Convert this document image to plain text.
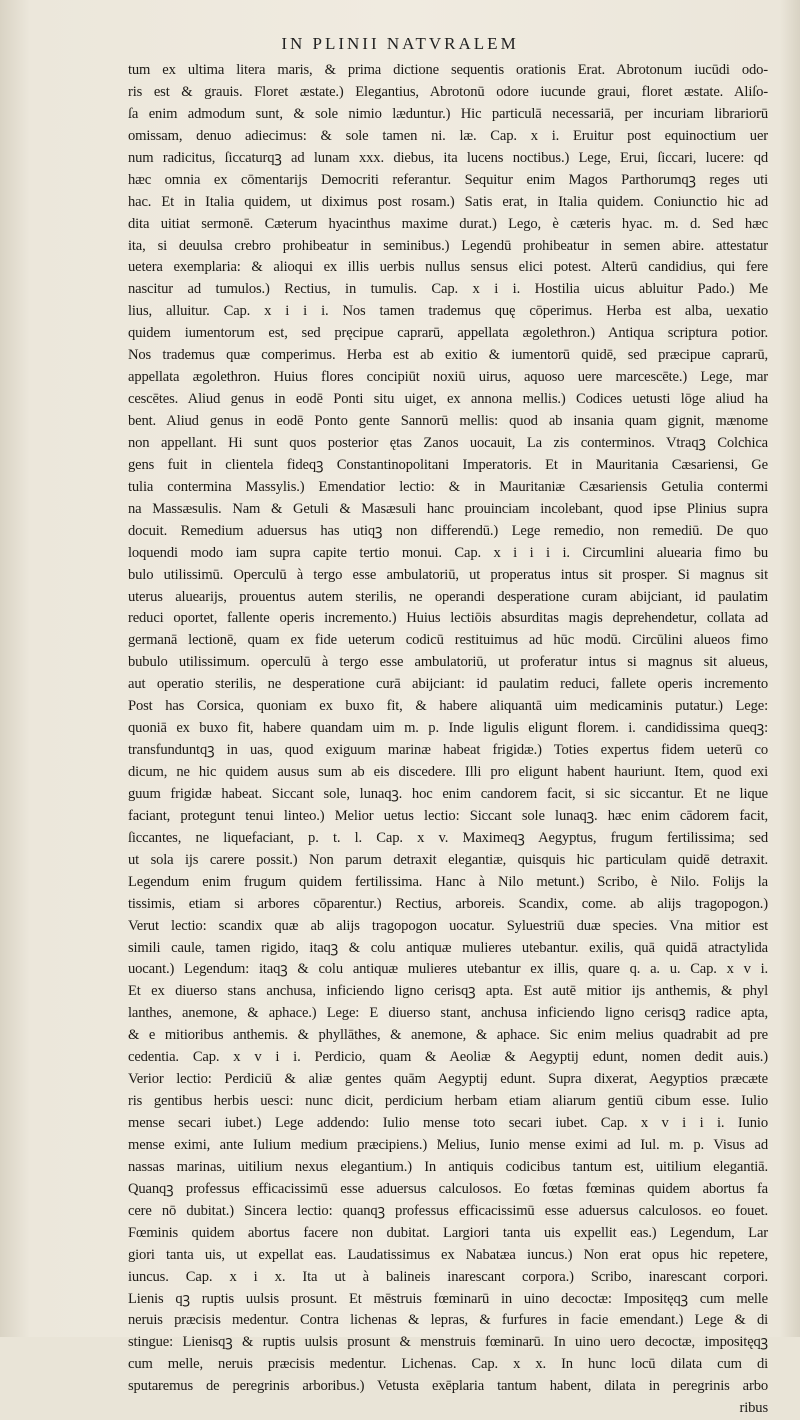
IN PLINII NATVRALEM
tum ex ultima litera maris, & prima dictione sequentis orationis Erat. Abrotonum iucūdi odo-
ris est & grauis. Floret æstate.) Elegantius, Abrotonū odore iucunde graui, floret æstate. Aliſo-
ſa enim admodum sunt, & sole nimio læduntur.) Hic particulā necessariā, per incuriam librariorū
omissam, denuo adiecimus: & sole tamen ni. læ. Cap. x i. Eruitur post equinoctium uer
num radicitus, ſiccaturqꝫ ad lunam xxx. diebus, ita lucens noctibus.) Lege, Erui, ſiccari, lucere: qd
hæc omnia ex cōmentarijs Democriti referantur. Sequitur enim Magos Parthorumqꝫ reges uti
hac. Et in Italia quidem, ut diximus post rosam.) Satis erat, in Italia quidem. Coniunctio hic ad
dita uitiat sermonē. Cæterum hyacinthus maxime durat.) Lego, è cæteris hyac. m. d. Sed hæc
ita, si deuulsa crebro prohibeatur in seminibus.) Legendū prohibeatur in semen abire. attestatur
uetera exemplaria: & alioqui ex illis uerbis nullus sensus elici potest. Alterū candidius, qui fere
nascitur ad tumulos.) Rectius, in tumulis. Cap. x i i. Hostilia uicus abluitur Pado.) Me
lius, alluitur. Cap. x i i i. Nos tamen trademus quę cōperimus. Herba est alba, uexatio
quidem iumentorum est, sed pręcipue caprarū, appellata ægolethron.) Antiqua scriptura potior.
Nos trademus quæ comperimus. Herba est ab exitio & iumentorū quidē, sed præcipue caprarū,
appellata ægolethron. Huius flores concipiūt noxiū uirus, aquoso uere marcescēte.) Lege, mar
cescētes. Aliud genus in eodē Ponti situ uiget, ex annona mellis.) Codices uetusti lōge aliud ha
bent. Aliud genus in eodē Ponto gente Sannorū mellis: quod ab insania quam gignit, mænome
non appellant. Hi sunt quos posterior ętas Zanos uocauit, La zis conterminos. Vtraqꝫ Colchica
gens fuit in clientela fideqꝫ Constantinopolitani Imperatoris. Et in Mauritania Cæsariensi, Ge
tulia contermina Massylis.) Emendatior lectio: & in Mauritaniæ Cæsariensis Getulia contermi
na Massæsulis. Nam & Getuli & Masæsuli hanc prouinciam incolebant, quod ipse Plinius supra
docuit. Remedium aduersus has utiqꝫ non differendū.) Lege remedio, non remediū. De quo
loquendi modo iam supra capite tertio monui. Cap. x i i i i. Circumlini aluearia fimo bu
bulo utilissimū. Operculū à tergo esse ambulatoriū, ut properatus intus sit prosper. Si magnus sit
uterus aluearijs, prouentus autem sterilis, ne operandi desperatione curam abijciant, id paulatim
reduci oportet, fallente operis incremento.) Huius lectiōis absurditas magis deprehendetur, collata ad
germanā lectionē, quam ex fide ueterum codicū restituimus ad hūc modū. Circūlini alueos fimo
bubulo utilissimum. operculū à tergo esse ambulatoriū, ut proferatur intus si magnus sit alueus,
aut operatio sterilis, ne desperatione curā abijciant: id paulatim reduci, fallete operis incremento
Post has Corsica, quoniam ex buxo fit, & habere aliquantā uim medicaminis putatur.) Lege:
quoniā ex buxo fit, habere quandam uim m. p. Inde ligulis eligunt florem. i. candidissima queqꝫ:
transfunduntqꝫ in uas, quod exiguum marinæ habeat frigidæ.) Toties expertus fidem ueterū co
dicum, ne hic quidem ausus sum ab eis discedere. Illi pro eligunt habent hauriunt. Item, quod exi
guum frigidæ habeat. Siccant sole, lunaqꝫ. hoc enim candorem facit, si sic siccantur. Et ne lique
faciant, protegunt tenui linteo.) Melior uetus lectio: Siccant sole lunaqꝫ. hæc enim cādorem facit,
ſiccantes, ne liquefaciant, p. t. l. Cap. x v. Maximeqꝫ Aegyptus, frugum fertilissima; sed
ut sola ijs carere possit.) Non parum detraxit elegantiæ, quisquis hic particulam quidē detraxit.
Legendum enim frugum quidem fertilissima. Hanc à Nilo metunt.) Scribo, è Nilo. Folijs la
tissimis, etiam si arbores cōparentur.) Rectius, arboreis. Scandix, come. ab alijs tragopogon.)
Verut lectio: scandix quæ ab alijs tragopogon uocatur. Syluestriū duæ species. Vna mitior est
simili caule, tamen rigido, itaqꝫ & colu antiquæ mulieres utebantur. exilis, quā quidā atractylida
uocant.) Legendum: itaqꝫ & colu antiquæ mulieres utebantur ex illis, quare q. a. u. Cap. x v i.
Et ex diuerso stans anchusa, inficiendo ligno cerisqꝫ apta. Est autē mitior ijs anthemis, & phyl
lanthes, anemone, & aphace.) Lege: E diuerso stant, anchusa inficiendo ligno cerisqꝫ radice apta,
& e mitioribus anthemis. & phyllāthes, & anemone, & aphace. Sic enim melius quadrabit ad pre
cedentia. Cap. x v i i. Perdicio, quam & Aeoliæ & Aegyptij edunt, nomen dedit auis.)
Verior lectio: Perdiciū & aliæ gentes quām Aegyptij edunt. Supra dixerat, Aegyptios præcæte
ris gentibus herbis uesci: nunc dicit, perdicium herbam etiam aliarum gentiū cibum esse. Iulio
mense secari iubet.) Lege addendo: Iulio mense toto secari iubet. Cap. x v i i i. Iunio
mense eximi, ante Iulium medium præcipiens.) Melius, Iunio mense eximi ad Iul. m. p. Visus ad
nassas marinas, uitilium nexus elegantium.) In antiquis codicibus tantum est, uitilium elegantiā.
Quanqꝫ professus efficacissimū esse aduersus calculosos. Eo fœtas fœminas quidem abortus fa
cere nō dubitat.) Sincera lectio: quanqꝫ professus efficacissimū esse aduersus calculosos. eo fouet.
Fœminis quidem abortus facere non dubitat. Largiori tanta uis expellit eas.) Legendum, Lar
giori tanta uis, ut expellat eas. Laudatissimus ex Nabatæa iuncus.) Non erat opus hic repetere,
iuncus. Cap. x i x. Ita ut à balineis inarescant corpora.) Scribo, inarescant corpori.
Lienis qꝫ ruptis uulsis prosunt. Et mēstruis fœminarū in uino decoctæ: Impositęqꝫ cum melle
neruis præcisis medentur. Contra lichenas & lepras, & furfures in facie emendant.) Lege & di
stingue: Lienisqꝫ & ruptis uulsis prosunt & menstruis fœminarū. In uino uero decoctæ, impositęqꝫ
cum melle, neruis præcisis medentur. Lichenas. Cap. x x. In hunc locū dilata cum di
sputaremus de peregrinis arboribus.) Vetusta exēplaria tantum habent, dilata in peregrinis arbo
ribus
